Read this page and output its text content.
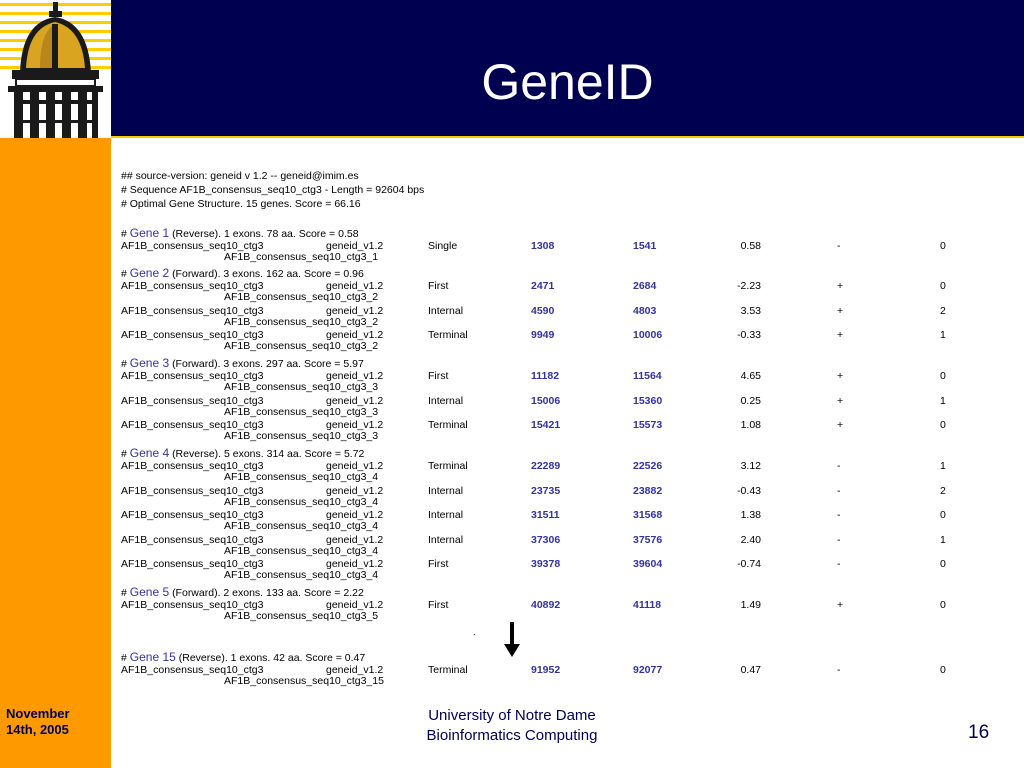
GeneID
## source-version: geneid v 1.2 -- geneid@imim.es
# Sequence AF1B_consensus_seq10_ctg3 - Length = 92604 bps
# Optimal Gene Structure. 15 genes. Score = 66.16
# Gene 1 (Reverse). 1 exons. 78 aa. Score = 0.58
AF1B_consensus_seq10_ctg3	geneid_v1.2	Single	1308	1541	0.58	-	0
AF1B_consensus_seq10_ctg3_1
# Gene 2 (Forward). 3 exons. 162 aa. Score = 0.96
AF1B_consensus_seq10_ctg3	geneid_v1.2	First	2471	2684	-2.23	+	0
AF1B_consensus_seq10_ctg3_2
AF1B_consensus_seq10_ctg3	geneid_v1.2	Internal	4590	4803	3.53	+	2
AF1B_consensus_seq10_ctg3_2
AF1B_consensus_seq10_ctg3	geneid_v1.2	Terminal	9949	10006	-0.33	+	1
AF1B_consensus_seq10_ctg3_2
# Gene 3 (Forward). 3 exons. 297 aa. Score = 5.97
AF1B_consensus_seq10_ctg3	geneid_v1.2	First	11182	11564	4.65	+	0
AF1B_consensus_seq10_ctg3_3
AF1B_consensus_seq10_ctg3	geneid_v1.2	Internal	15006	15360	0.25	+	1
AF1B_consensus_seq10_ctg3_3
AF1B_consensus_seq10_ctg3	geneid_v1.2	Terminal	15421	15573	1.08	+	0
AF1B_consensus_seq10_ctg3_3
# Gene 4 (Reverse). 5 exons. 314 aa. Score = 5.72
AF1B_consensus_seq10_ctg3	geneid_v1.2	Terminal	22289	22526	3.12	-	1
AF1B_consensus_seq10_ctg3_4
AF1B_consensus_seq10_ctg3	geneid_v1.2	Internal	23735	23882	-0.43	-	2
AF1B_consensus_seq10_ctg3_4
AF1B_consensus_seq10_ctg3	geneid_v1.2	Internal	31511	31568	1.38	-	0
AF1B_consensus_seq10_ctg3_4
AF1B_consensus_seq10_ctg3	geneid_v1.2	Internal	37306	37576	2.40	-	1
AF1B_consensus_seq10_ctg3_4
AF1B_consensus_seq10_ctg3	geneid_v1.2	First	39378	39604	-0.74	-	0
AF1B_consensus_seq10_ctg3_4
# Gene 5 (Forward). 2 exons. 133 aa. Score = 2.22
AF1B_consensus_seq10_ctg3	geneid_v1.2	First	40892	41118	1.49	+	0
AF1B_consensus_seq10_ctg3_5
# Gene 15 (Reverse). 1 exons. 42 aa. Score = 0.47
AF1B_consensus_seq10_ctg3	geneid_v1.2	Terminal	91952	92077	0.47	-	0
AF1B_consensus_seq10_ctg3_15
.
November
14th, 2005
University of Notre Dame
Bioinformatics Computing	16
